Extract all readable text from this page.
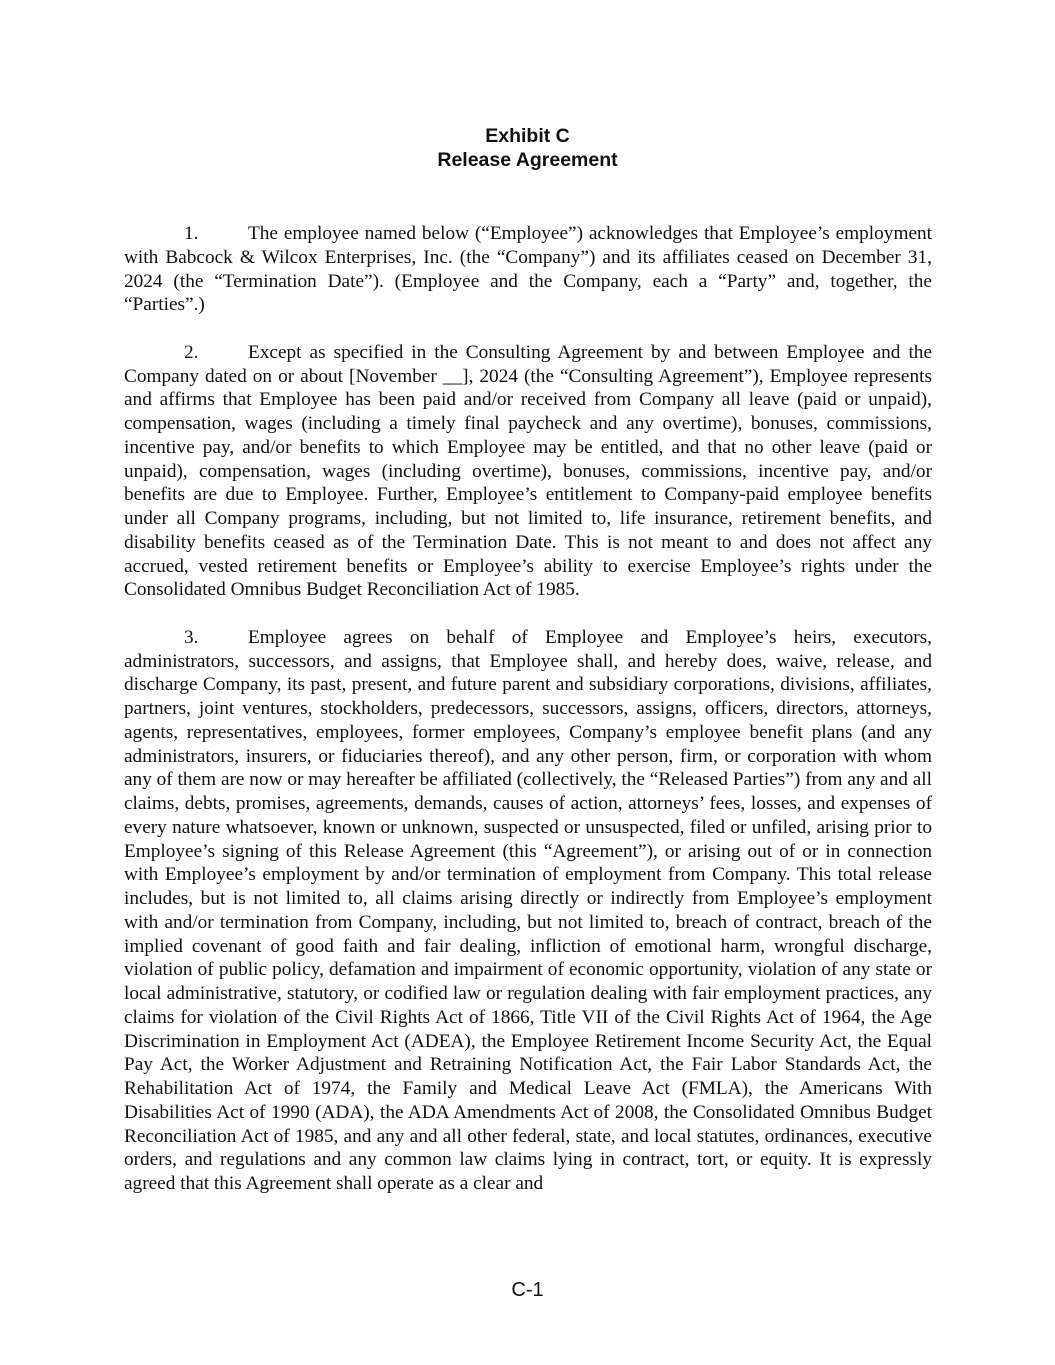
Exhibit C
Release Agreement

1.	The employee named below (“Employee”) acknowledges that Employee’s employment with Babcock & Wilcox Enterprises, Inc. (the “Company”) and its affiliates ceased on December 31, 2024 (the “Termination Date”). (Employee and the Company, each a “Party” and, together, the “Parties”.)

2.	Except as specified in the Consulting Agreement by and between Employee and the Company dated on or about [November __], 2024 (the “Consulting Agreement”), Employee represents and affirms that Employee has been paid and/or received from Company all leave (paid or unpaid), compensation, wages (including a timely final paycheck and any overtime), bonuses, commissions, incentive pay, and/or benefits to which Employee may be entitled, and that no other leave (paid or unpaid), compensation, wages (including overtime), bonuses, commissions, incentive pay, and/or benefits are due to Employee. Further, Employee’s entitlement to Company-paid employee benefits under all Company programs, including, but not limited to, life insurance, retirement benefits, and disability benefits ceased as of the Termination Date. This is not meant to and does not affect any accrued, vested retirement benefits or Employee’s ability to exercise Employee’s rights under the Consolidated Omnibus Budget Reconciliation Act of 1985.

3.	Employee agrees on behalf of Employee and Employee’s heirs, executors, administrators, successors, and assigns, that Employee shall, and hereby does, waive, release, and discharge Company, its past, present, and future parent and subsidiary corporations, divisions, affiliates, partners, joint ventures, stockholders, predecessors, successors, assigns, officers, directors, attorneys, agents, representatives, employees, former employees, Company’s employee benefit plans (and any administrators, insurers, or fiduciaries thereof), and any other person, firm, or corporation with whom any of them are now or may hereafter be affiliated (collectively, the “Released Parties”) from any and all claims, debts, promises, agreements, demands, causes of action, attorneys’ fees, losses, and expenses of every nature whatsoever, known or unknown, suspected or unsuspected, filed or unfiled, arising prior to Employee’s signing of this Release Agreement (this “Agreement”), or arising out of or in connection with Employee’s employment by and/or termination of employment from Company. This total release includes, but is not limited to, all claims arising directly or indirectly from Employee’s employment with and/or termination from Company, including, but not limited to, breach of contract, breach of the implied covenant of good faith and fair dealing, infliction of emotional harm, wrongful discharge, violation of public policy, defamation and impairment of economic opportunity, violation of any state or local administrative, statutory, or codified law or regulation dealing with fair employment practices, any claims for violation of the Civil Rights Act of 1866, Title VII of the Civil Rights Act of 1964, the Age Discrimination in Employment Act (ADEA), the Employee Retirement Income Security Act, the Equal Pay Act, the Worker Adjustment and Retraining Notification Act, the Fair Labor Standards Act, the Rehabilitation Act of 1974, the Family and Medical Leave Act (FMLA), the Americans With Disabilities Act of 1990 (ADA), the ADA Amendments Act of 2008, the Consolidated Omnibus Budget Reconciliation Act of 1985, and any and all other federal, state, and local statutes, ordinances, executive orders, and regulations and any common law claims lying in contract, tort, or equity. It is expressly agreed that this Agreement shall operate as a clear and

C-1
